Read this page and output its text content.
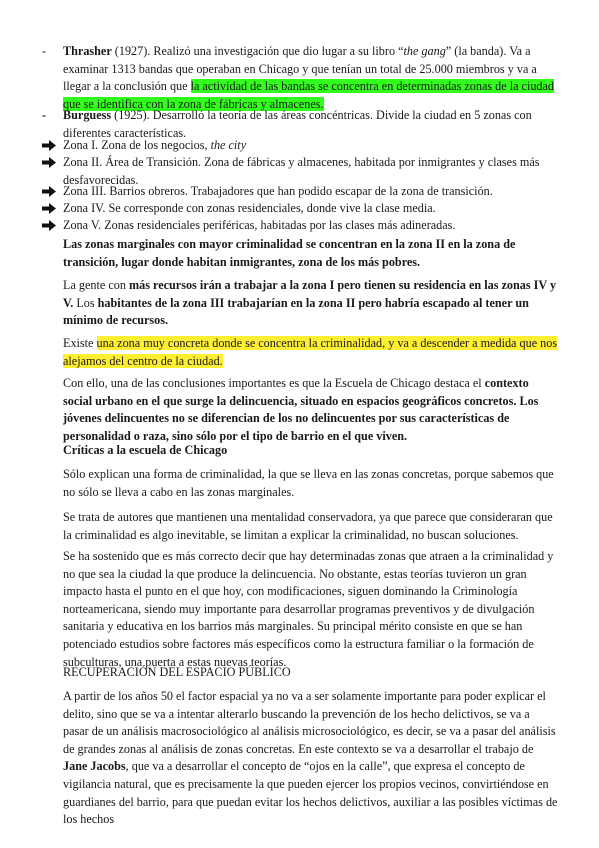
-	Thrasher (1927). Realizó una investigación que dio lugar a su libro “the gang” (la banda). Va a examinar 1313 bandas que operaban en Chicago y que tenían un total de 25.000 miembros y va a llegar a la conclusión que la actividad de las bandas se concentra en determinadas zonas de la ciudad que se identifica con la zona de fábricas y almacenes.
-	Burguess (1925). Desarrolló la teoría de las áreas concéntricas. Divide la ciudad en 5 zonas con diferentes características.
Zona I. Zona de los negocios, the city
Zona II. Área de Transición. Zona de fábricas y almacenes, habitada por inmigrantes y clases más desfavorecidas.
Zona III. Barrios obreros. Trabajadores que han podido escapar de la zona de transición.
Zona IV. Se corresponde con zonas residenciales, donde vive la clase media.
Zona V. Zonas residenciales periféricas, habitadas por las clases más adineradas.

Las zonas marginales con mayor criminalidad se concentran en la zona II en la zona de transición, lugar donde habitan inmigrantes, zona de los más pobres.

La gente con más recursos irán a trabajar a la zona I pero tienen su residencia en las zonas IV y V. Los habitantes de la zona III trabajarían en la zona II pero habría escapado al tener un mínimo de recursos.

Existe una zona muy concreta donde se concentra la criminalidad, y va a descender a medida que nos alejamos del centro de la ciudad.

Con ello, una de las conclusiones importantes es que la Escuela de Chicago destaca el contexto social urbano en el que surge la delincuencia, situado en espacios geográficos concretos. Los jóvenes delincuentes no se diferencian de los no delincuentes por sus características de personalidad o raza, sino sólo por el tipo de barrio en el que viven.

Críticas a la escuela de Chicago

Sólo explican una forma de criminalidad, la que se lleva en las zonas concretas, porque sabemos que no sólo se lleva a cabo en las zonas marginales.

Se trata de autores que mantienen una mentalidad conservadora, ya que parece que consideraran que la criminalidad es algo inevitable, se limitan a explicar la criminalidad, no buscan soluciones.

Se ha sostenido que es más correcto decir que hay determinadas zonas que atraen a la criminalidad y no que sea la ciudad la que produce la delincuencia. No obstante, estas teorías tuvieron un gran impacto hasta el punto en el que hoy, con modificaciones, siguen dominando la Criminología norteamericana, siendo muy importante para desarrollar programas preventivos y de divulgación sanitaria y educativa en los barrios más marginales. Su principal mérito consiste en que se han potenciado estudios sobre factores más específicos como la estructura familiar o la formación de subculturas, una puerta a estas nuevas teorías.

RECUPERACIÓN DEL ESPACIO PÚBLICO

A partir de los años 50 el factor espacial ya no va a ser solamente importante para poder explicar el delito, sino que se va a intentar alterarlo buscando la prevención de los hecho delictivos, se va a pasar de un análisis macrosociológico al análisis microsociológico, es decir, se va a pasar del análisis de grandes zonas al análisis de zonas concretas. En este contexto se va a desarrollar el trabajo de Jane Jacobs, que va a desarrollar el concepto de “ojos en la calle”, que expresa el concepto de vigilancia natural, que es precisamente la que pueden ejercer los propios vecinos, convirtiéndose en guardianes del barrio, para que puedan evitar los hechos delictivos, auxiliar a las posibles víctimas de los hechos
